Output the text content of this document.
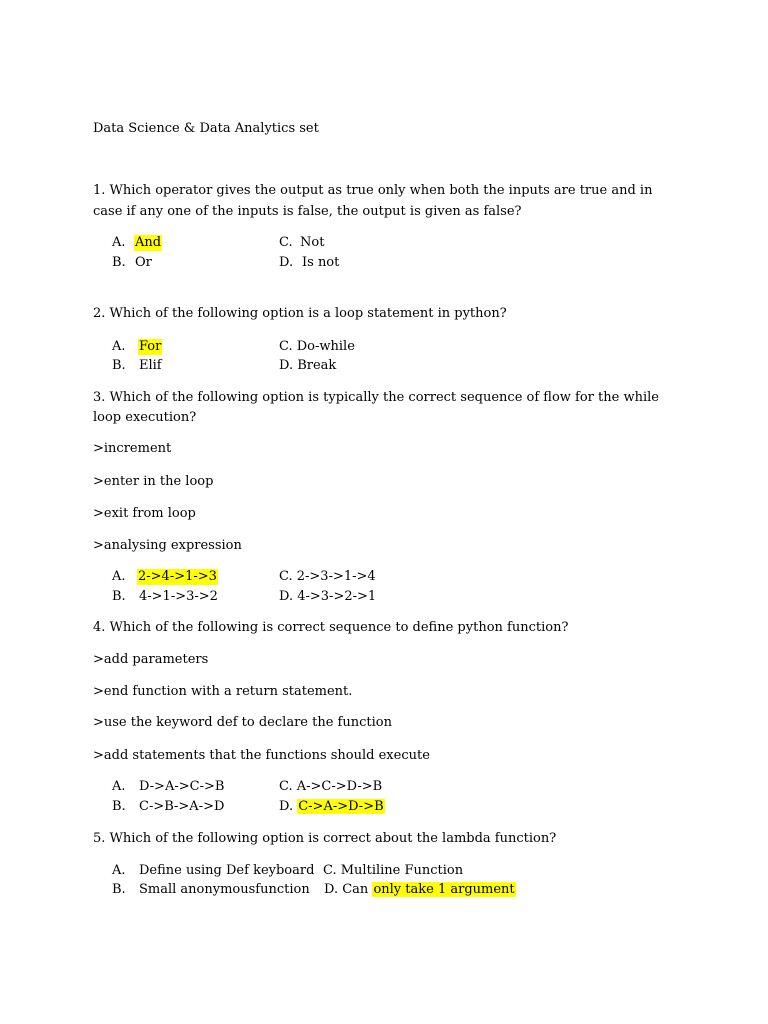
Data Science & Data Analytics set
1. Which operator gives the output as true only when both the inputs are true and in
case if any one of the inputs is false, the output is given as false?
A. And
B. Or
C. Not
D. Is not
2. Which of the following option is a loop statement in python?
A. For
B. Elif
C. Do-while
D. Break
3. Which of the following option is typically the correct sequence of flow for the while
loop execution?
>increment
>enter in the loop
>exit from loop
>analysing expression
A. 2->4->1->3
B. 4->1->3->2
C. 2->3->1->4
D. 4->3->2->1
4. Which of the following is correct sequence to define python function?
>add parameters
>end function with a return statement.
>use the keyword def to declare the function
>add statements that the functions should execute
A. D->A->C->B
B. C->B->A->D
C. A->C->D->B
D. C->A->D->B
5. Which of the following option is correct about the lambda function?
A. Define using Def keyboard
B. Small anonymousfunction
C. Multiline Function
D. Can only take 1 argument
